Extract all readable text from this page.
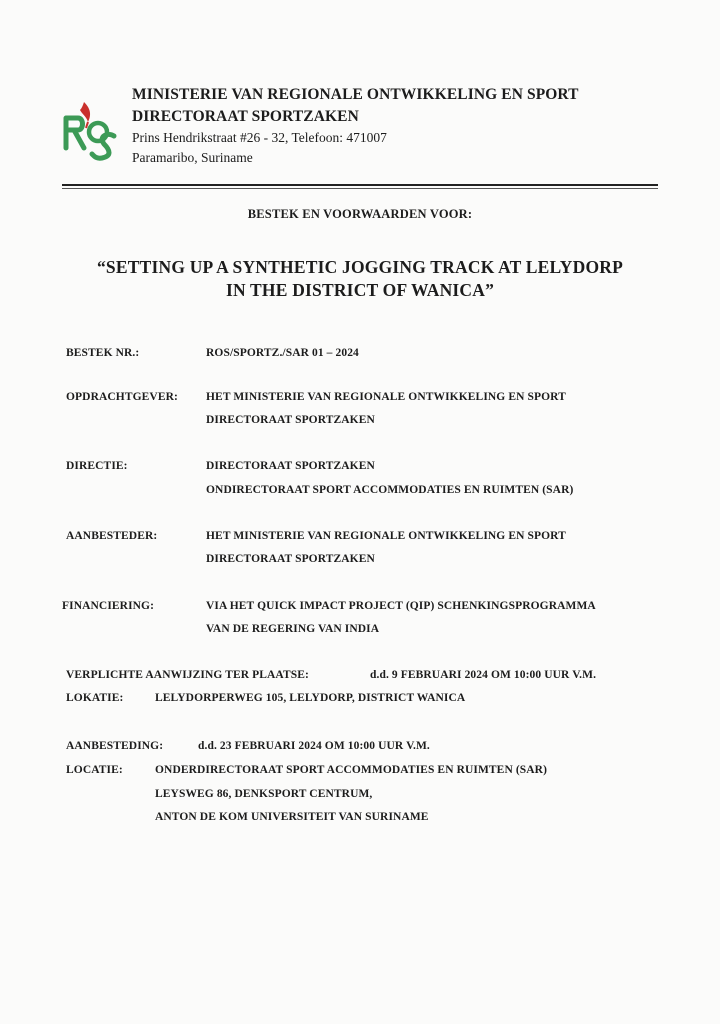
MINISTERIE VAN REGIONALE ONTWIKKELING EN SPORT
DIRECTORAAT SPORTZAKEN
Prins Hendrikstraat #26 - 32, Telefoon: 471007
Paramaribo, Suriname
BESTEK EN VOORWAARDEN VOOR:
“SETTING UP A SYNTHETIC JOGGING TRACK AT LELYDORP
IN THE DISTRICT OF WANICA”
BESTEK NR.:	ROS/SPORTZ./SAR 01 – 2024
OPDRACHTGEVER: HET MINISTERIE VAN REGIONALE ONTWIKKELING EN SPORT
DIRECTORAAT SPORTZAKEN
DIRECTIE:	DIRECTORAAT SPORTZAKEN
ONDIRECTORAAT SPORT ACCOMMODATIES EN RUIMTEN (SAR)
AANBESTEDER:	HET MINISTERIE VAN REGIONALE ONTWIKKELING EN SPORT
DIRECTORAAT SPORTZAKEN
FINANCIERING:	VIA HET QUICK IMPACT PROJECT (QIP) SCHENKINGSPROGRAMMA
VAN DE REGERING VAN INDIA
VERPLICHTE AANWIJZING TER PLAATSE:	d.d. 9 FEBRUARI 2024 OM 10:00 UUR V.M.
LOKATIE:	LELYDORPERWEG 105, LELYDORP, DISTRICT WANICA
AANBESTEDING:	d.d. 23 FEBRUARI 2024 OM 10:00 UUR V.M.
LOCATIE:	ONDERDIRECTORAAT SPORT ACCOMMODATIES EN RUIMTEN (SAR)
LEYSWEG 86, DENKSPORT CENTRUM,
ANTON DE KOM UNIVERSITEIT VAN SURINAME
